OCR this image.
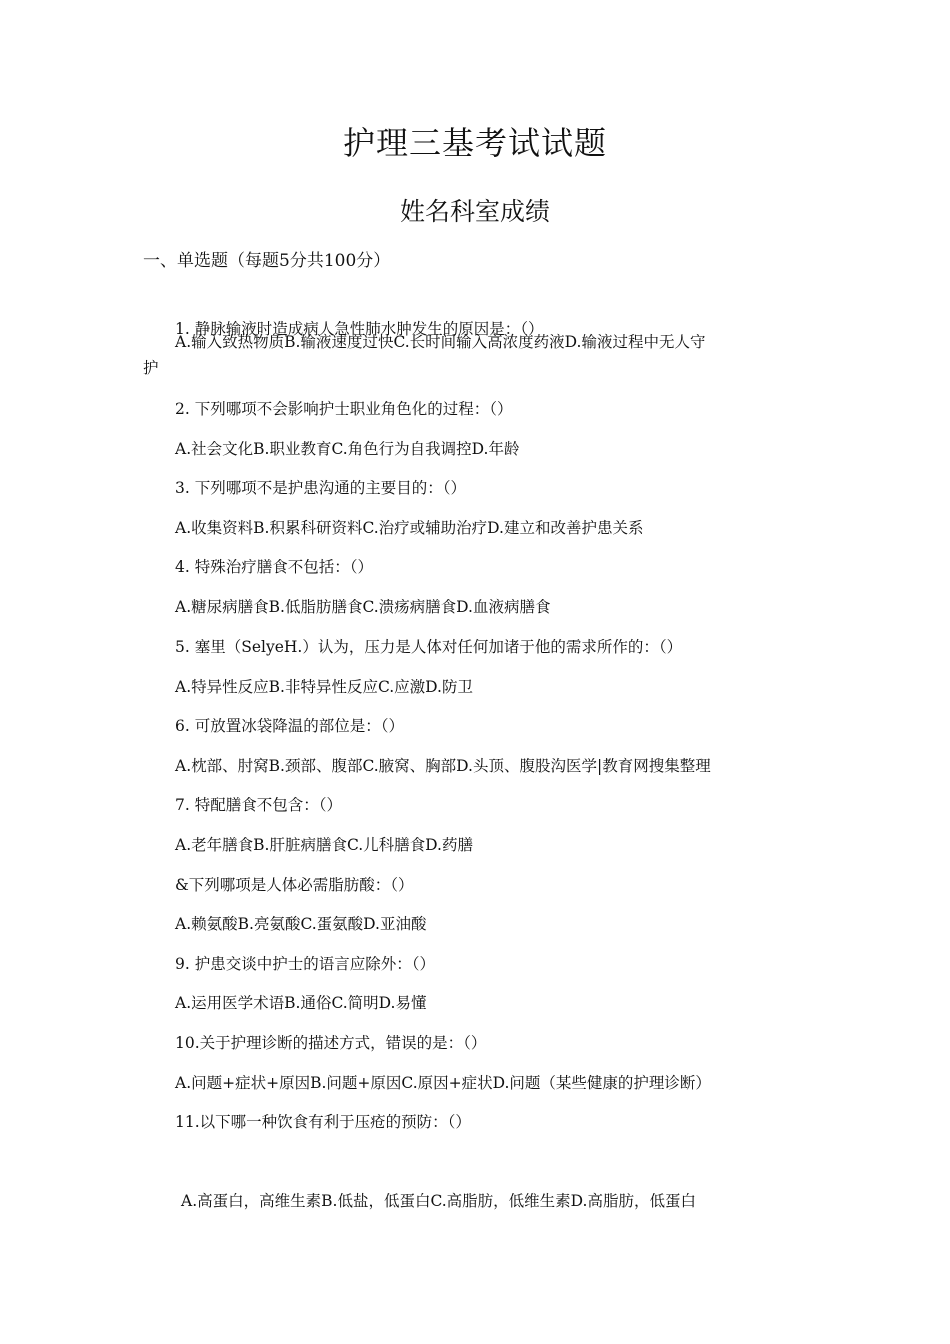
护理三基考试试题
姓名科室成绩
一、单选题（每题5分共100分）
1. 静脉输液时造成病人急性肺水肿发生的原因是：（）
A.输入致热物质B.输液速度过快C.长时间输入高浓度药液D.输液过程中无人守
护
2. 下列哪项不会影响护士职业角色化的过程：（）
A.社会文化B.职业教育C.角色行为自我调控D.年龄
3. 下列哪项不是护患沟通的主要目的：（）
A.收集资料B.积累科研资料C.治疗或辅助治疗D.建立和改善护患关系
4. 特殊治疗膳食不包括：（）
A.糖尿病膳食B.低脂肪膳食C.溃疡病膳食D.血液病膳食
5. 塞里（SelyeH.）认为，压力是人体对任何加诸于他的需求所作的：（）
A.特异性反应B.非特异性反应C.应激D.防卫
6. 可放置冰袋降温的部位是：（）
A.枕部、肘窝B.颈部、腹部C.腋窝、胸部D.头顶、腹股沟医学|教育网搜集整理
7. 特配膳食不包含：（）
A.老年膳食B.肝脏病膳食C.儿科膳食D.药膳
&下列哪项是人体必需脂肪酸：（）
A.赖氨酸B.亮氨酸C.蛋氨酸D.亚油酸
9. 护患交谈中护士的语言应除外：（）
A.运用医学术语B.通俗C.简明D.易懂
10.关于护理诊断的描述方式，错误的是：（）
A.问题+症状+原因B.问题+原因C.原因+症状D.问题（某些健康的护理诊断）
11.以下哪一种饮食有利于压疮的预防：（）
A.高蛋白，高维生素B.低盐，低蛋白C.高脂肪，低维生素D.高脂肪，低蛋白
